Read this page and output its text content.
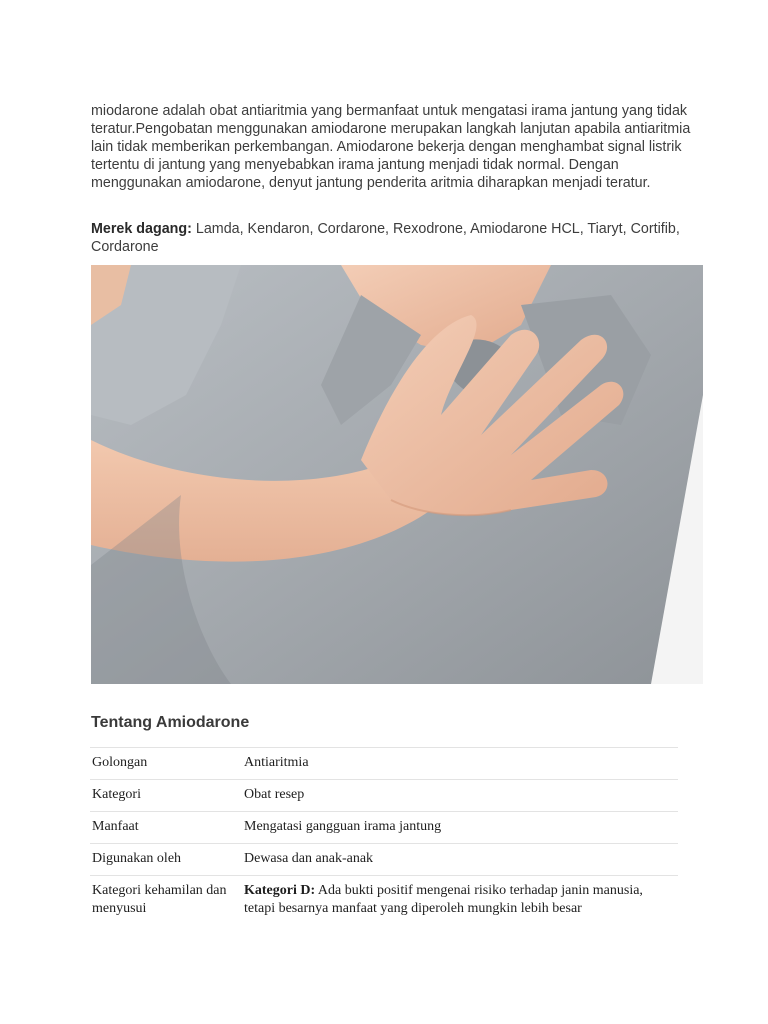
miodarone adalah obat antiaritmia yang bermanfaat untuk mengatasi irama jantung yang tidak teratur.Pengobatan menggunakan amiodarone merupakan langkah lanjutan apabila antiaritmia lain tidak memberikan perkembangan. Amiodarone bekerja dengan menghambat signal listrik tertentu di jantung yang menyebabkan irama jantung menjadi tidak normal. Dengan menggunakan amiodarone, denyut jantung penderita aritmia diharapkan menjadi teratur.

Merek dagang: Lamda, Kendaron, Cordarone, Rexodrone, Amiodarone HCL, Tiaryt, Cortifib, Cordarone

Tentang Amiodarone
Golongan	Antiaritmia
Kategori	Obat resep
Manfaat	Mengatasi gangguan irama jantung
Digunakan oleh	Dewasa dan anak-anak
Kategori kehamilan dan menyusui	Kategori D: Ada bukti positif mengenai risiko terhadap janin manusia, tetapi besarnya manfaat yang diperoleh mungkin lebih besar
